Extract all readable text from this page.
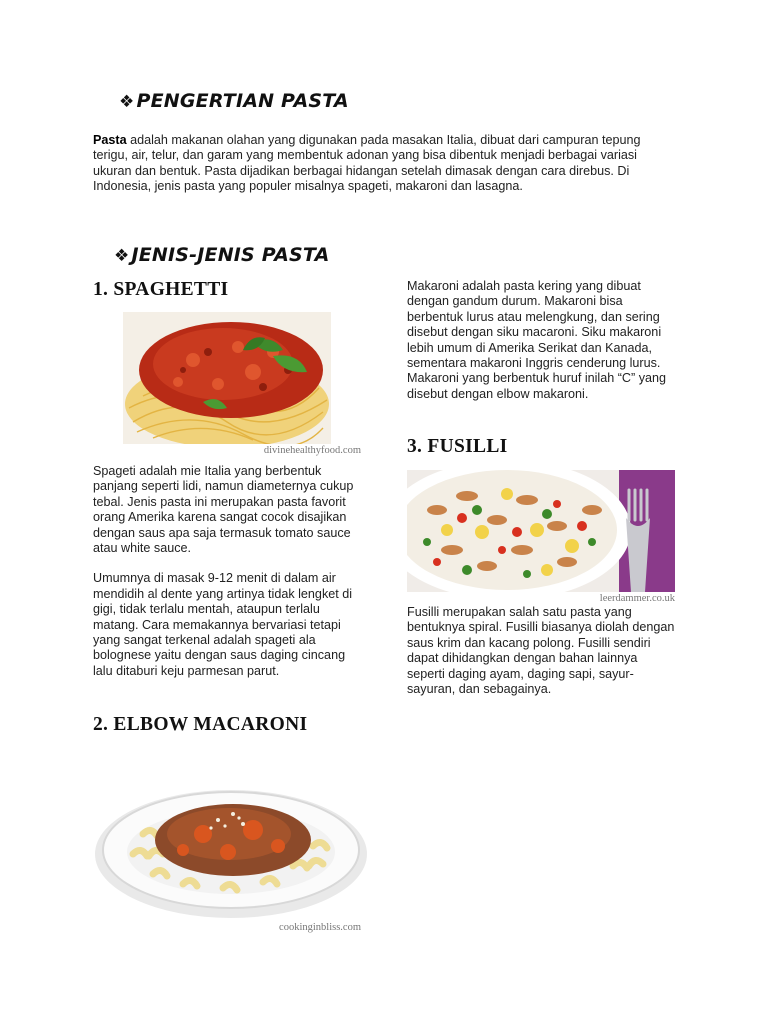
❖ PENGERTIAN PASTA

Pasta adalah makanan olahan yang digunakan pada masakan Italia, dibuat dari campuran tepung terigu, air, telur, dan garam yang membentuk adonan yang bisa dibentuk menjadi berbagai variasi ukuran dan bentuk. Pasta dijadikan berbagai hidangan setelah dimasak dengan cara direbus. Di Indonesia, jenis pasta yang populer misalnya spageti, makaroni dan lasagna.

❖ JENIS-JENIS PASTA
1. SPAGHETTI
divinehealthyfood.com

Spageti adalah mie Italia yang berbentuk panjang seperti lidi, namun diameternya cukup tebal. Jenis pasta ini merupakan pasta favorit orang Amerika karena sangat cocok disajikan dengan saus apa saja termasuk tomato sauce atau white sauce.

Umumnya di masak 9-12 menit di dalam air mendidih al dente yang artinya tidak lengket di gigi, tidak terlalu mentah, ataupun terlalu matang. Cara memakannya bervariasi tetapi yang sangat terkenal adalah spageti ala bolognese yaitu dengan saus daging cincang lalu ditaburi keju parmesan parut.

2. ELBOW MACARONI
cookinginbliss.com

Makaroni adalah pasta kering yang dibuat dengan gandum durum. Makaroni bisa berbentuk lurus atau melengkung, dan sering disebut dengan siku macaroni. Siku makaroni lebih umum di Amerika Serikat dan Kanada, sementara makaroni Inggris cenderung lurus. Makaroni yang berbentuk huruf inilah “C” yang disebut dengan elbow makaroni.

3. FUSILLI
leerdammer.co.uk

Fusilli merupakan salah satu pasta yang bentuknya spiral. Fusilli biasanya diolah dengan saus krim dan kacang polong. Fusilli sendiri dapat dihidangkan dengan bahan lainnya seperti daging ayam, daging sapi, sayur-sayuran, dan sebagainya.
